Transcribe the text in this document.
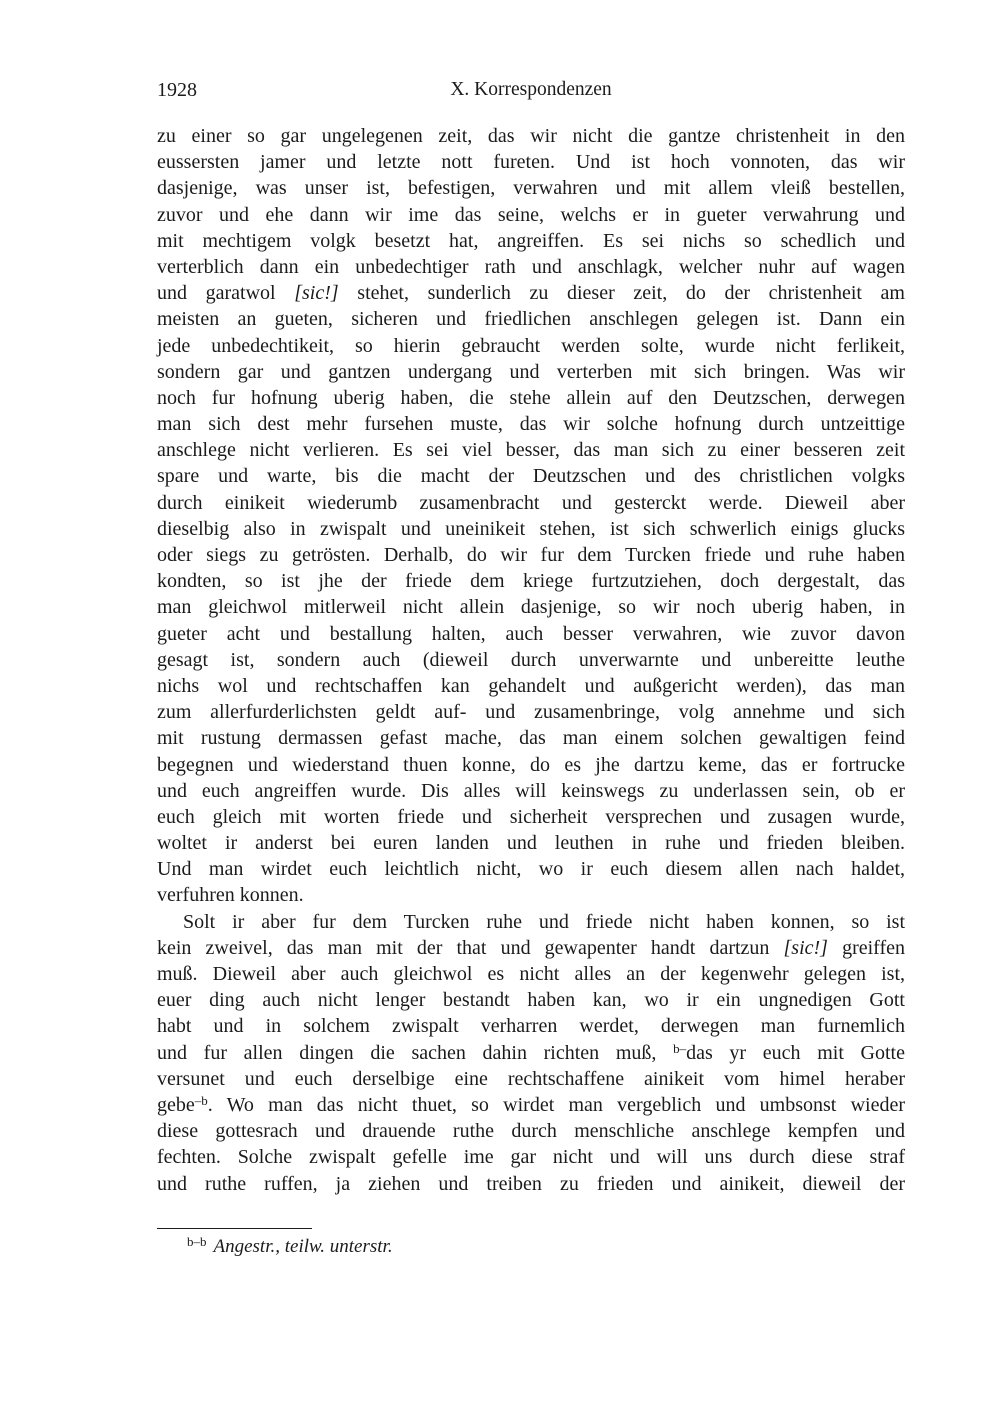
1928	X. Korrespondenzen
zu einer so gar ungelegenen zeit, das wir nicht die gantze christenheit in den
eussersten jamer und letzte nott fureten. Und ist hoch vonnoten, das wir
dasjenige, was unser ist, befestigen, verwahren und mit allem vleiß bestellen,
zuvor und ehe dann wir ime das seine, welchs er in gueter verwahrung und
mit mechtigem volgk besetzt hat, angreiffen. Es sei nichs so schedlich und
verterblich dann ein unbedechtiger rath und anschlagk, welcher nuhr auf wagen
und garatwol [sic!] stehet, sunderlich zu dieser zeit, do der christenheit am
meisten an gueten, sicheren und friedlichen anschlegen gelegen ist. Dann ein
jede unbedechtikeit, so hierin gebraucht werden solte, wurde nicht ferlikeit,
sondern gar und gantzen undergang und verterben mit sich bringen. Was wir
noch fur hofnung uberig haben, die stehe allein auf den Deutzschen, derwegen
man sich dest mehr fursehen muste, das wir solche hofnung durch untzeittige
anschlege nicht verlieren. Es sei viel besser, das man sich zu einer besseren zeit
spare und warte, bis die macht der Deutzschen und des christlichen volgks
durch einikeit wiederumb zusamenbracht und gesterckt werde. Dieweil aber
dieselbig also in zwispalt und uneinikeit stehen, ist sich schwerlich einigs glucks
oder siegs zu getrösten. Derhalb, do wir fur dem Turcken friede und ruhe haben
kondten, so ist jhe der friede dem kriege furtzutziehen, doch dergestalt, das
man gleichwol mitlerweil nicht allein dasjenige, so wir noch uberig haben, in
gueter acht und bestallung halten, auch besser verwahren, wie zuvor davon
gesagt ist, sondern auch (dieweil durch unverwarnte und unbereitte leuthe
nichs wol und rechtschaffen kan gehandelt und außgericht werden), das man
zum allerfurderlichsten geldt auf- und zusamenbringe, volg annehme und sich
mit rustung dermassen gefast mache, das man einem solchen gewaltigen feind
begegnen und wiederstand thuen konne, do es jhe dartzu keme, das er fortrucke
und euch angreiffen wurde. Dis alles will keinswegs zu underlassen sein, ob er
euch gleich mit worten friede und sicherheit versprechen und zusagen wurde,
woltet ir anderst bei euren landen und leuthen in ruhe und frieden bleiben.
Und man wirdet euch leichtlich nicht, wo ir euch diesem allen nach haldet,
verfuhren konnen.
Solt ir aber fur dem Turcken ruhe und friede nicht haben konnen, so ist
kein zweivel, das man mit der that und gewapenter handt dartzun [sic!] greiffen
muß. Dieweil aber auch gleichwol es nicht alles an der kegenwehr gelegen ist,
euer ding auch nicht lenger bestandt haben kan, wo ir ein ungnedigen Gott
habt und in solchem zwispalt verharren werdet, derwegen man furnemlich
und fur allen dingen die sachen dahin richten muß, $^{b-}$das yr euch mit Gotte
versunet und euch derselbige eine rechtschaffene ainikeit vom himel heraber
gebe$^{-b}$. Wo man das nicht thuet, so wirdet man vergeblich und umbsonst wieder
diese gottesrach und drauende ruthe durch menschliche anschlege kempfen und
fechten. Solche zwispalt gefelle ime gar nicht und will uns durch diese straf
und ruthe ruffen, ja ziehen und treiben zu frieden und ainikeit, dieweil der
$^{b-b}$ Angestr., teilw. unterstr.
